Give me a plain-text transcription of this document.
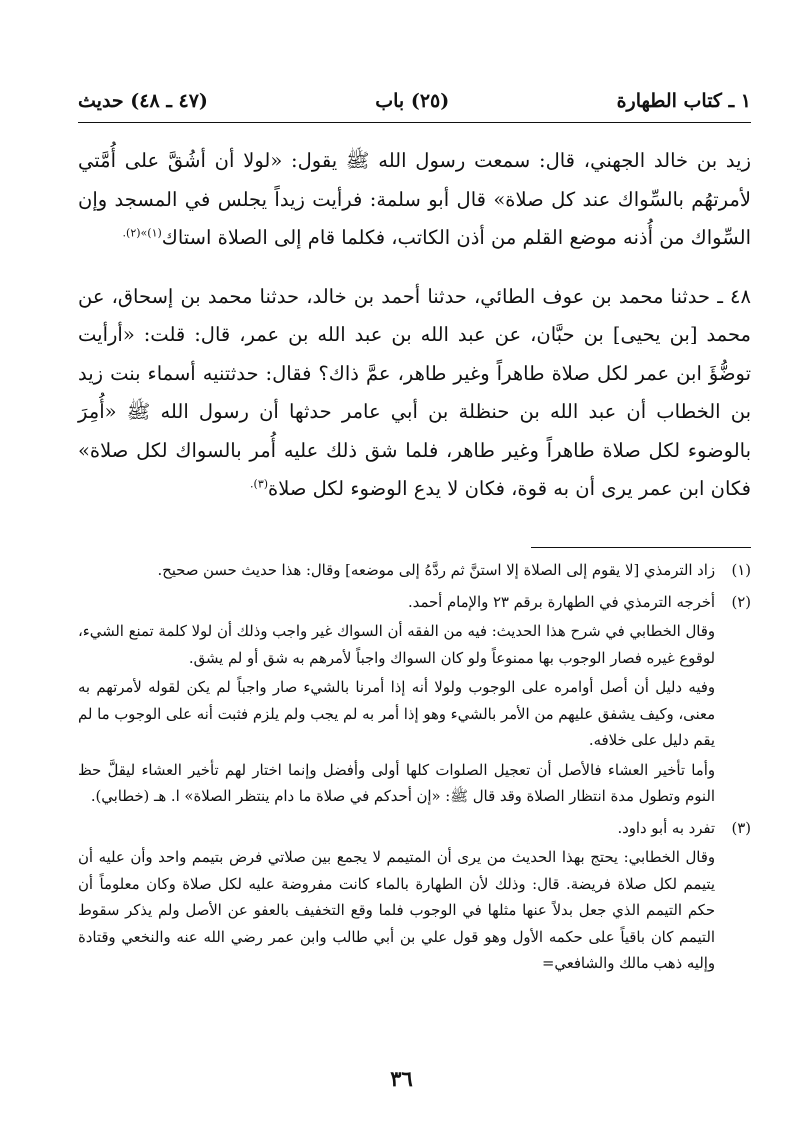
١ ـ كتاب الطهارة
(٢٥) باب
(٤٧ ـ ٤٨) حديث

زيد بن خالد الجهني، قال: سمعت رسول الله ﷺ يقول: «لولا أن أشُقَّ على أُمَّتي لأمرتهُم بالسِّواك عند كل صلاة» قال أبو سلمة: فرأيت زيداً يجلس في المسجد وإن السِّواك من أُذنه موضع القلم من أذن الكاتب، فكلما قام إلى الصلاة استاك$^{(١)»(٢).}$

٤٨ ـ حدثنا محمد بن عوف الطائي، حدثنا أحمد بن خالد، حدثنا محمد بن إسحاق، عن محمد [بن يحيى] بن حبَّان، عن عبد الله بن عبد الله بن عمر، قال: قلت: «أرأيت توضُّؤَ ابن عمر لكل صلاة طاهراً وغير طاهر، عمَّ ذاك؟ فقال: حدثتنيه أسماء بنت زيد بن الخطاب أن عبد الله بن حنظلة بن أبي عامر حدثها أن رسول الله ﷺ «أُمِرَ بالوضوء لكل صلاة طاهراً وغير طاهر، فلما شق ذلك عليه أُمر بالسواك لكل صلاة» فكان ابن عمر يرى أن به قوة، فكان لا يدع الوضوء لكل صلاة$^{(٣).}$

(١)

زاد الترمذي [لا يقوم إلى الصلاة إلا استنَّ ثم ردَّهُ إلى موضعه] وقال: هذا حديث حسن صحيح.

(٢)

أخرجه الترمذي في الطهارة برقم ٢٣ والإمام أحمد.

وقال الخطابي في شرح هذا الحديث: فيه من الفقه أن السواك غير واجب وذلك أن لولا كلمة تمنع الشيء، لوقوع غيره فصار الوجوب بها ممنوعاً ولو كان السواك واجباً لأمرهم به شق أو لم يشق.

وفيه دليل أن أصل أوامره على الوجوب ولولا أنه إذا أمرنا بالشيء صار واجباً لم يكن لقوله لأمرتهم به معنى، وكيف يشفق عليهم من الأمر بالشيء وهو إذا أمر به لم يجب ولم يلزم فثبت أنه على الوجوب ما لم يقم دليل على خلافه.

وأما تأخير العشاء فالأصل أن تعجيل الصلوات كلها أولى وأفضل وإنما اختار لهم تأخير العشاء ليقلَّ حظ النوم وتطول مدة انتظار الصلاة وقد قال ﷺ: «إن أحدكم في صلاة ما دام ينتظر الصلاة» ا. هـ (خطابي).

(٣)

تفرد به أبو داود.

وقال الخطابي: يحتج بهذا الحديث من يرى أن المتيمم لا يجمع بين صلاتي فرض بتيمم واحد وأن عليه أن يتيمم لكل صلاة فريضة. قال: وذلك لأن الطهارة بالماء كانت مفروضة عليه لكل صلاة وكان معلوماً أن حكم التيمم الذي جعل بدلاً عنها مثلها في الوجوب فلما وقع التخفيف بالعفو عن الأصل ولم يذكر سقوط التيمم كان باقياً على حكمه الأول وهو قول علي بن أبي طالب وابن عمر رضي الله عنه والنخعي وقتادة وإليه ذهب مالك والشافعي=

٣٦
